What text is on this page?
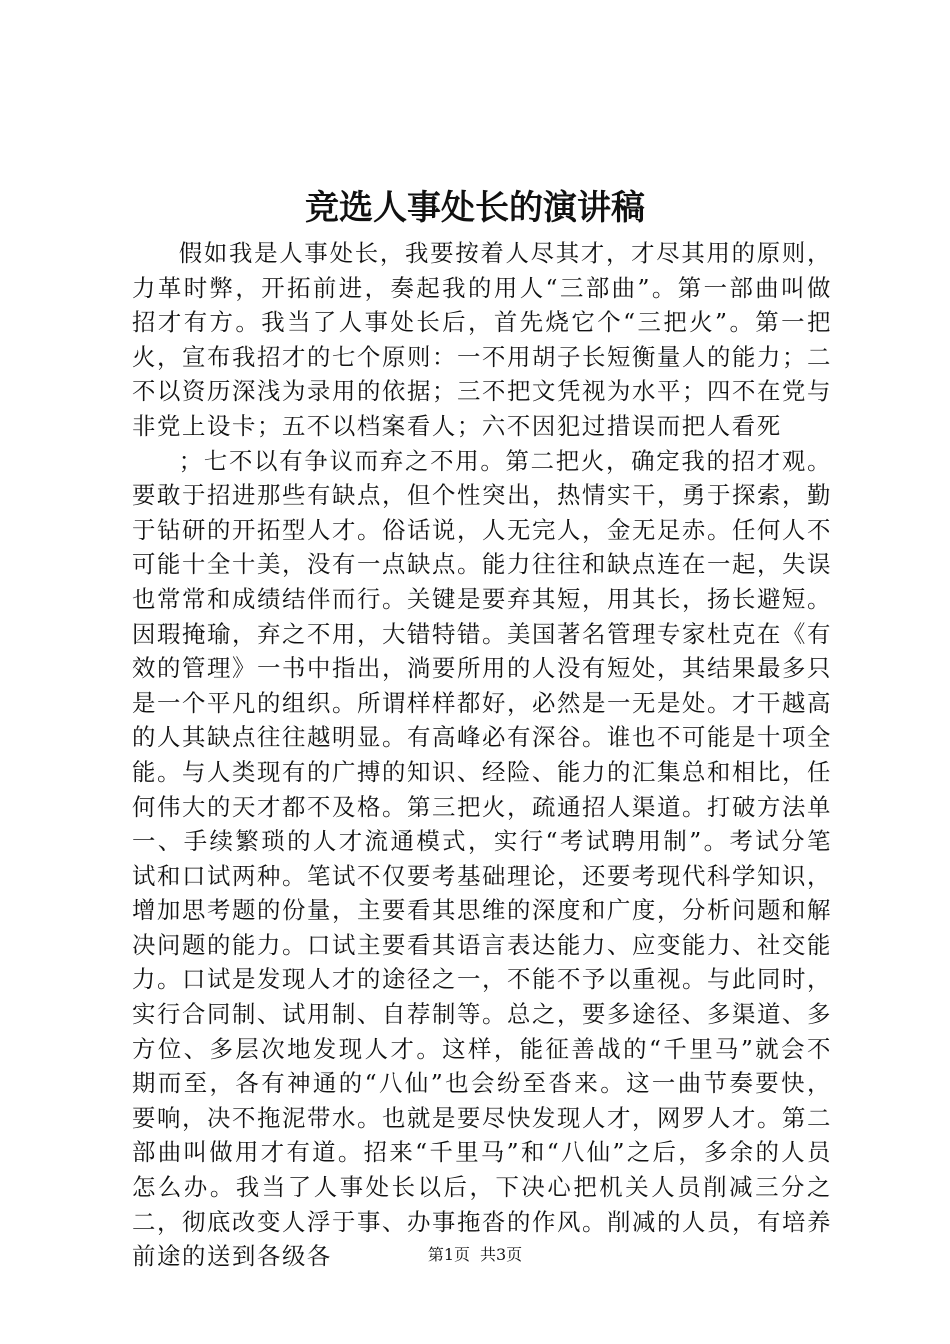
竞选人事处长的演讲稿

假如我是人事处长，我要按着人尽其才，才尽其用的原则，力革时弊，开拓前进，奏起我的用人“三部曲”。第一部曲叫做招才有方。我当了人事处长后，首先烧它个“三把火”。第一把火，宣布我招才的七个原则：一不用胡子长短衡量人的能力；二不以资历深浅为录用的依据；三不把文凭视为水平；四不在党与非党上设卡；五不以档案看人；六不因犯过措误而把人看死

；七不以有争议而弃之不用。第二把火，确定我的招才观。要敢于招进那些有缺点，但个性突出，热情实干，勇于探索，勤于钻研的开拓型人才。俗话说，人无完人，金无足赤。任何人不可能十全十美，没有一点缺点。能力往往和缺点连在一起，失误也常常和成绩结伴而行。关键是要弃其短，用其长，扬长避短。因瑕掩瑜，弃之不用，大错特错。美国著名管理专家杜克在《有效的管理》一书中指出，淌要所用的人没有短处，其结果最多只是一个平凡的组织。所谓样样都好，必然是一无是处。才干越高的人其缺点往往越明显。有高峰必有深谷。谁也不可能是十项全能。与人类现有的广搏的知识、经险、能力的汇集总和相比，任何伟大的天才都不及格。第三把火，疏通招人渠道。打破方法单一、手续繁琐的人才流通模式，实行“考试聘用制”。考试分笔试和口试两种。笔试不仅要考基础理论，还要考现代科学知识，增加思考题的份量，主要看其思维的深度和广度，分析问题和解决问题的能力。口试主要看其语言表达能力、应变能力、社交能力。口试是发现人才的途径之一，不能不予以重视。与此同时，实行合同制、试用制、自荐制等。总之，要多途径、多渠道、多方位、多层次地发现人才。这样，能征善战的“千里马”就会不期而至，各有神通的“八仙”也会纷至沓来。这一曲节奏要快，要响，决不拖泥带水。也就是要尽快发现人才，网罗人才。第二部曲叫做用才有道。招来“千里马”和“八仙”之后，多余的人员怎么办。我当了人事处长以后，下决心把机关人员削减三分之二，彻底改变人浮于事、办事拖沓的作风。削减的人员，有培养前途的送到各级各	第1页 共3页
